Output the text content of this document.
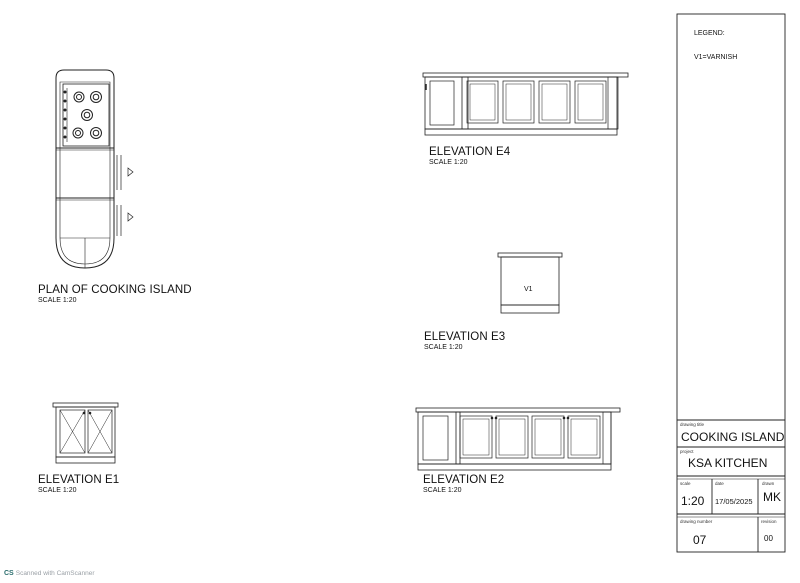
PLAN OF COOKING ISLAND
SCALE 1:20
ELEVATION E1
SCALE 1:20
ELEVATION E4
SCALE 1:20
V1
ELEVATION E3
SCALE 1:20
ELEVATION E2
SCALE 1:20
LEGEND:
V1=VARNISH
drawing title
COOKING ISLAND
project
KSA KITCHEN
scale
1:20
date
17/05/2025
drawn
MK
drawing number
07
revision
00
CS Scanned with CamScanner
